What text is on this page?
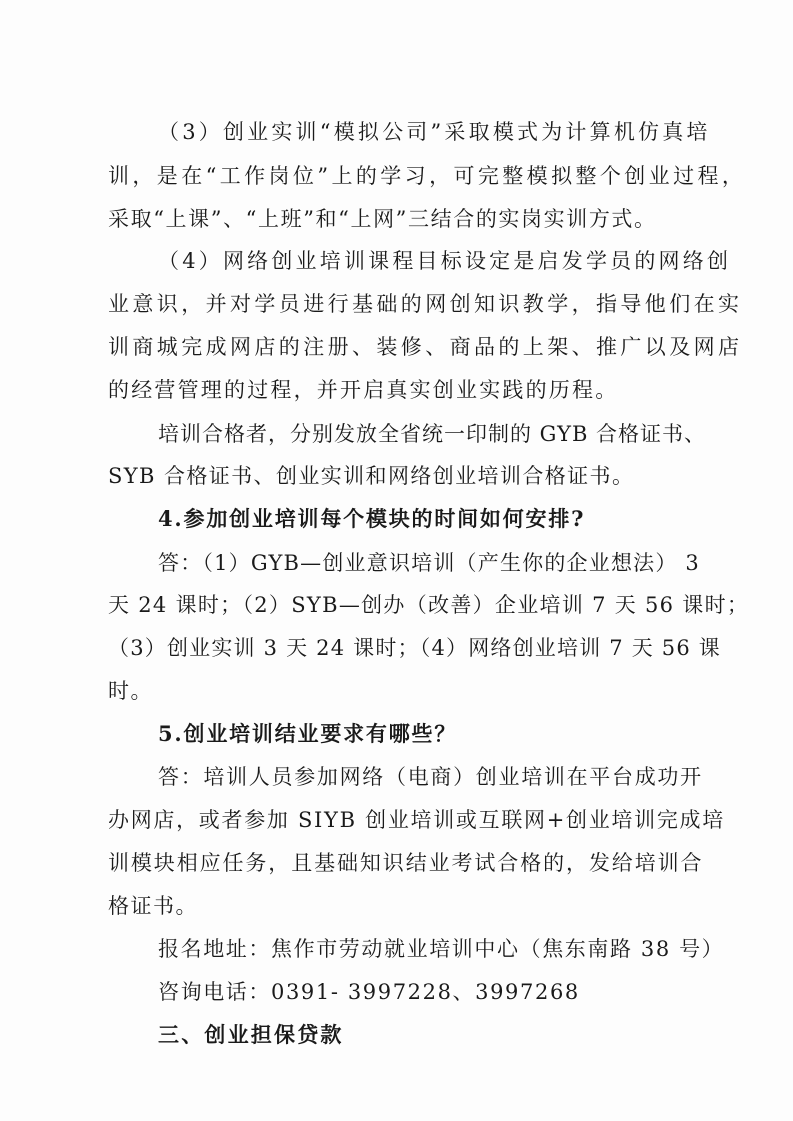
（3）创业实训“模拟公司”采取模式为计算机仿真培
训，是在“工作岗位”上的学习，可完整模拟整个创业过程，
采取“上课”、“上班”和“上网”三结合的实岗实训方式。
（4）网络创业培训课程目标设定是启发学员的网络创
业意识，并对学员进行基础的网创知识教学，指导他们在实
训商城完成网店的注册、装修、商品的上架、推广以及网店
的经营管理的过程，并开启真实创业实践的历程。
培训合格者，分别发放全省统一印制的 GYB 合格证书、
SYB 合格证书、创业实训和网络创业培训合格证书。
4.参加创业培训每个模块的时间如何安排?
答：（1）GYB—创业意识培训（产生你的企业想法） 3
天 24 课时；（2）SYB—创办（改善）企业培训 7 天 56 课时；
（3）创业实训 3 天 24 课时；（4）网络创业培训 7 天 56 课
时。
5.创业培训结业要求有哪些？
答：培训人员参加网络（电商）创业培训在平台成功开
办网店，或者参加 SIYB 创业培训或互联网+创业培训完成培
训模块相应任务，且基础知识结业考试合格的，发给培训合
格证书。
报名地址：焦作市劳动就业培训中心（焦东南路 38 号）
咨询电话：0391- 3997228、3997268
三、创业担保贷款
